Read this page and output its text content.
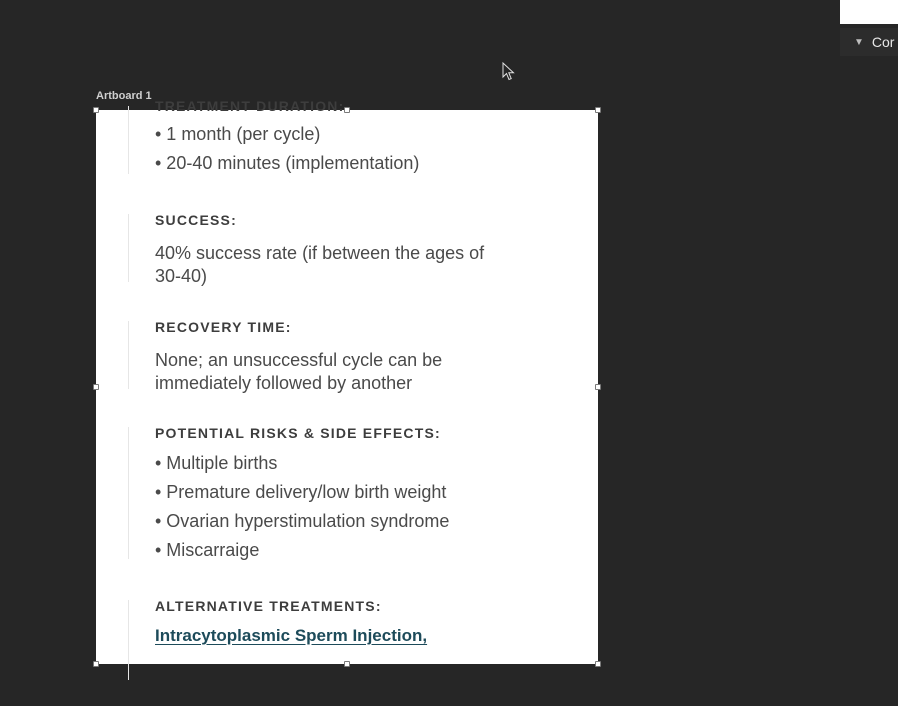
▼ Cor
Artboard 1
TREATMENT DURATION:
• 1 month (per cycle)
• 20-40 minutes (implementation)
SUCCESS:
40% success rate (if between the ages of 30-40)
RECOVERY TIME:
None; an unsuccessful cycle can be immediately followed by another
POTENTIAL RISKS & SIDE EFFECTS:
• Multiple births
• Premature delivery/low birth weight
• Ovarian hyperstimulation syndrome
• Miscarraige
ALTERNATIVE TREATMENTS:
Intracytoplasmic Sperm Injection,
